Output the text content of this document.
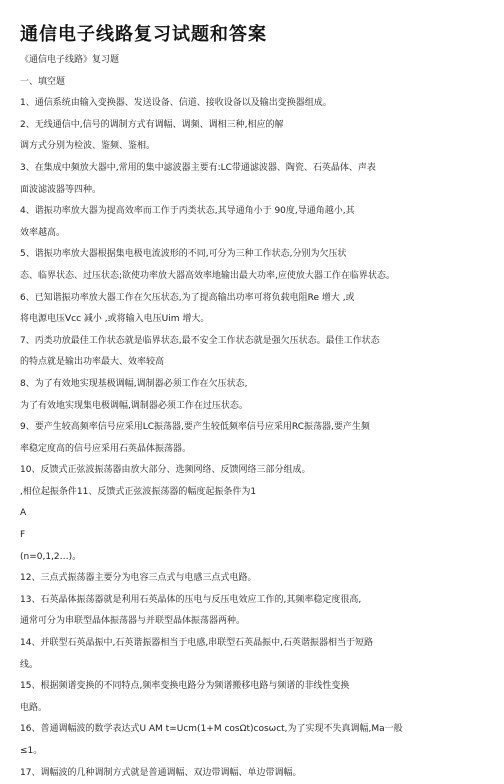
通信电子线路复习试题和答案
《通信电子线路》复习题
一、填空题
1、通信系统由输入变换器、发送设备、信道、接收设备以及输出变换器组成。
2、无线通信中,信号的调制方式有调幅、调频、调相三种,相应的解
调方式分别为检波、鉴频、鉴相。
3、在集成中频放大器中,常用的集中滤波器主要有:LC带通滤波器、陶瓷、石英晶体、声表
面波滤波器等四种。
4、谐振功率放大器为提高效率而工作于丙类状态,其导通角小于 90度,导通角越小,其
效率越高。
5、谐振功率放大器根据集电极电流波形的不同,可分为三种工作状态,分别为欠压状
态、临界状态、过压状态;欲使功率放大器高效率地输出最大功率,应使放大器工作在临界状态。
6、已知谐振功率放大器工作在欠压状态,为了提高输出功率可将负载电阻Re 增大 ,或
将电源电压Vcc 减小 ,或将输入电压Uim 增大。
7、丙类功放最佳工作状态就是临界状态,最不安全工作状态就是强欠压状态。最佳工作状态
的特点就是输出功率最大、效率较高
8、为了有效地实现基极调幅,调制器必须工作在欠压状态,
为了有效地实现集电极调幅,调制器必须工作在过压状态。
9、要产生较高频率信号应采用LC振荡器,要产生较低频率信号应采用RC振荡器,要产生频
率稳定度高的信号应采用石英晶体振荡器。
10、反馈式正弦波振荡器由放大部分、选频网络、反馈网络三部分组成。
,相位起振条件11、反馈式正弦波振荡器的幅度起振条件为1
A
F
(n=0,1,2…)。
12、三点式振荡器主要分为电容三点式与电感三点式电路。
13、石英晶体振荡器就是利用石英晶体的压电与反压电效应工作的,其频率稳定度很高,
通常可分为串联型晶体振荡器与并联型晶体振荡器两种。
14、并联型石英晶振中,石英谐振器相当于电感,串联型石英晶振中,石英谐振器相当于短路
线。
15、根据频谱变换的不同特点,频率变换电路分为频谱搬移电路与频谱的非线性变换
电路。
16、普通调幅波的数学表达式U AM t=Ucm(1+M cosΩt)cosωct,为了实现不失真调幅,Ma一般
≤1。
17、调幅波的几种调制方式就是普通调幅、双边带调幅、单边带调幅。
